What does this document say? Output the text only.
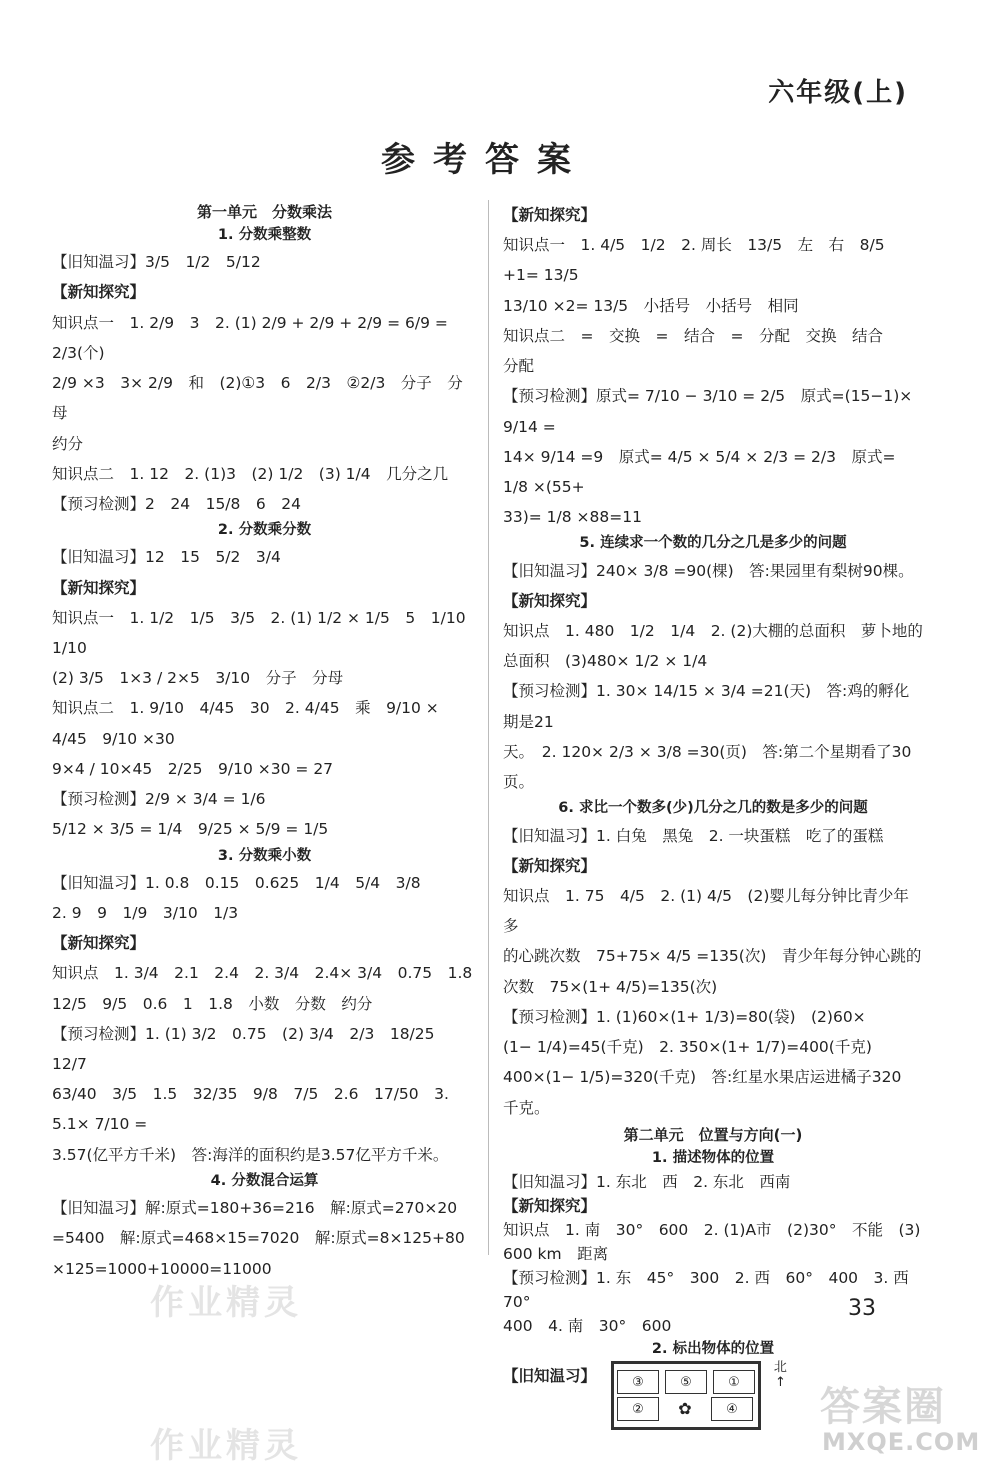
六年级(上)
参考答案
第一单元　分数乘法
1. 分数乘整数
【旧知温习】3/5　1/2　5/12
【新知探究】
知识点一　1. 2/9　3　2. (1) 2/9 + 2/9 + 2/9 = 6/9 = 2/3(个)
2/9 ×3　3× 2/9　和　(2)①3　6　2/3　②2/3　分子　分母
约分
知识点二　1. 12　2. (1)3　(2) 1/2　(3) 1/4　几分之几
【预习检测】2　24　15/8　6　24
2. 分数乘分数
【旧知温习】12　15　5/2　3/4
【新知探究】
知识点一　1. 1/2　1/5　3/5　2. (1) 1/2 × 1/5　5　1/10　1/10
(2) 3/5　1×3 / 2×5　3/10　分子　分母
知识点二　1. 9/10　4/45　30　2. 4/45　乘　9/10 × 4/45　9/10 ×30
9×4 / 10×45　2/25　9/10 ×30 = 27
【预习检测】2/9 × 3/4 = 1/6
5/12 × 3/5 = 1/4　9/25 × 5/9 = 1/5
3. 分数乘小数
【旧知温习】1. 0.8　0.15　0.625　1/4　5/4　3/8
2. 9　9　1/9　3/10　1/3
【新知探究】
知识点　1. 3/4　2.1　2.4　2. 3/4　2.4× 3/4　0.75　1.8
12/5　9/5　0.6　1　1.8　小数　分数　约分
【预习检测】1. (1) 3/2　0.75　(2) 3/4　2/3　18/25　12/7
63/40　3/5　1.5　32/35　9/8　7/5　2.6　17/50　3. 5.1× 7/10 =
3.57(亿平方千米)　答:海洋的面积约是3.57亿平方千米。
4. 分数混合运算
【旧知温习】解:原式=180+36=216　解:原式=270×20
=5400　解:原式=468×15=7020　解:原式=8×125+80
×125=1000+10000=11000
【新知探究】
知识点一　1. 4/5　1/2　2. 周长　13/5　左　右　8/5 +1= 13/5
13/10 ×2= 13/5　小括号　小括号　相同
知识点二　=　交换　=　结合　=　分配　交换　结合
分配
【预习检测】原式= 7/10 − 3/10 = 2/5　原式=(15−1)× 9/14 =
14× 9/14 =9　原式= 4/5 × 5/4 × 2/3 = 2/3　原式= 1/8 ×(55+
33)= 1/8 ×88=11
5. 连续求一个数的几分之几是多少的问题
【旧知温习】240× 3/8 =90(棵)　答:果园里有梨树90棵。
【新知探究】
知识点　1. 480　1/2　1/4　2. (2)大棚的总面积　萝卜地的
总面积　(3)480× 1/2 × 1/4
【预习检测】1. 30× 14/15 × 3/4 =21(天)　答:鸡的孵化期是21
天。　2. 120× 2/3 × 3/8 =30(页)　答:第二个星期看了30页。
6. 求比一个数多(少)几分之几的数是多少的问题
【旧知温习】1. 白兔　黑兔　2. 一块蛋糕　吃了的蛋糕
【新知探究】
知识点　1. 75　4/5　2. (1) 4/5　(2)婴儿每分钟比青少年多
的心跳次数　75+75× 4/5 =135(次)　青少年每分钟心跳的
次数　75×(1+ 4/5)=135(次)
【预习检测】1. (1)60×(1+ 1/3)=80(袋)　(2)60×
(1− 1/4)=45(千克)　2. 350×(1+ 1/7)=400(千克)
400×(1− 1/5)=320(千克)　答:红星水果店运进橘子320
千克。
第二单元　位置与方向(一)
1. 描述物体的位置
【旧知温习】1. 东北　西　2. 东北　西南
【新知探究】
知识点　1. 南　30°　600　2. (1)A市　(2)30°　不能　(3)
600 km　距离
【预习检测】1. 东　45°　300　2. 西　60°　400　3. 西　70°
400　4. 南　30°　600
2. 标出物体的位置
【旧知温习】	③	⑤	①
②	✿	④
北
↑
33
作业精灵
作业精灵
答案圈
MXQE.COM
